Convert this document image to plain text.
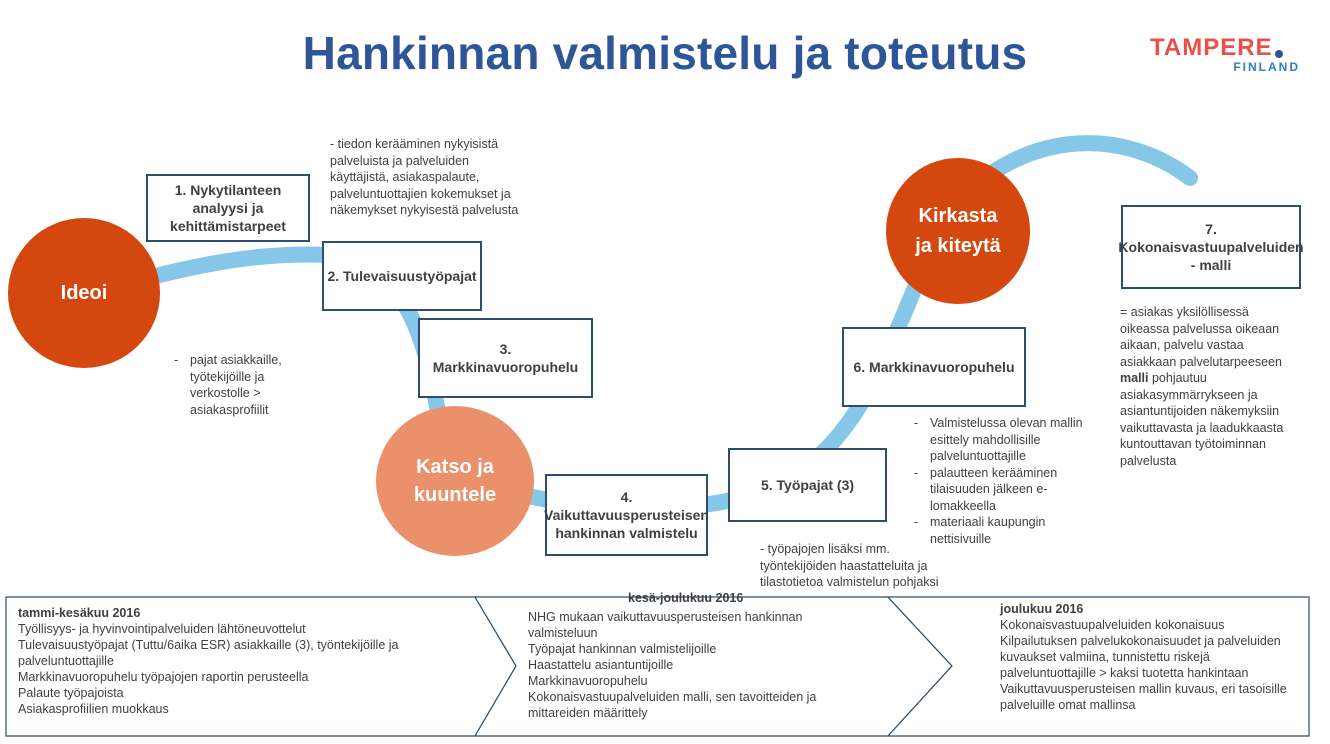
Hankinnan valmistelu ja toteutus	TAMPERE
FINLAND
Ideoi
Katso ja kuuntele
Kirkasta ja kiteytä
1. Nykytilanteen analyysi ja kehittämistarpeet
2. Tulevaisuustyöpajat
3. Markkinavuoropuhelu
4. Vaikuttavuusperusteisen hankinnan valmistelu
5. Työpajat (3)
6. Markkinavuoropuhelu
7. Kokonaisvastuupalveluiden - malli
- tiedon kerääminen nykyisistä palveluista ja palveluiden käyttäjistä, asiakaspalaute, palveluntuottajien kokemukset ja näkemykset nykyisestä palvelusta
- pajat asiakkaille, työtekijöille ja verkostolle > asiakasprofiilit
- työpajojen lisäksi mm. työntekijöiden haastatteluita ja tilastotietoa valmistelun pohjaksi
- Valmistelussa olevan mallin esittely mahdollisille palveluntuottajille
- palautteen kerääminen tilaisuuden jälkeen e-lomakkeella
- materiaali kaupungin nettisivuille
= asiakas yksilöllisessä oikeassa palvelussa oikeaan aikaan, palvelu vastaa asiakkaan palvelutarpeeseen malli pohjautuu asiakasymmärrykseen ja asiantuntijoiden näkemyksiin vaikuttavasta ja laadukkaasta kuntouttavan työtoiminnan palvelusta
tammi-kesäkuu 2016
Työllisyys- ja hyvinvointipalveluiden lähtöneuvottelut
Tulevaisuustyöpajat (Tuttu/6aika ESR) asiakkaille (3), työntekijöille ja palveluntuottajille
Markkinavuoropuhelu työpajojen raportin perusteella
Palaute työpajoista
Asiakasprofiilien muokkaus
kesä-joulukuu 2016
NHG mukaan vaikuttavuusperusteisen hankinnan valmisteluun
Työpajat hankinnan valmistelijoille
Haastattelu asiantuntijoille
Markkinavuoropuhelu
Kokonaisvastuupalveluiden malli, sen tavoitteiden ja mittareiden määrittely
joulukuu 2016
Kokonaisvastuupalveluiden kokonaisuus
Kilpailutuksen palvelukokonaisuudet ja palveluiden kuvaukset valmiina, tunnistettu riskejä palveluntuottajille > kaksi tuotetta hankintaan
Vaikuttavuusperusteisen mallin kuvaus, eri tasoisille palveluille omat mallinsa
